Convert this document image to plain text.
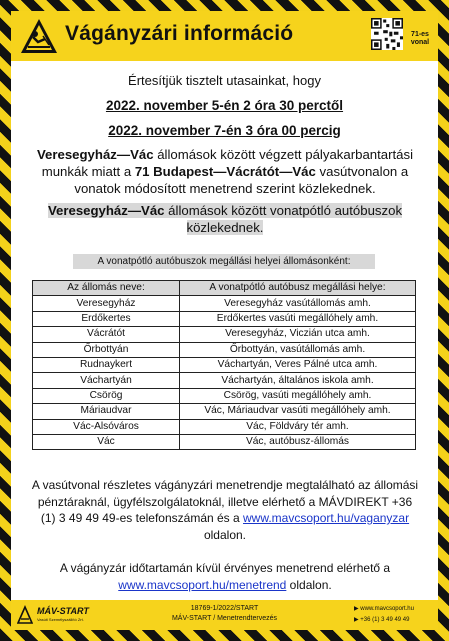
Vágányzári információ	71-es vonal
Értesítjük tisztelt utasainkat, hogy
2022. november 5-én 2 óra 30 perctől
2022. november 7-én 3 óra 00 percig
Veresegyház—Vác állomások között végzett pályakarbantartási munkák miatt a 71 Budapest—Vácrátót—Vác vasútvonalon a vonatok módosított menetrend szerint közlekednek.
Veresegyház—Vác állomások között vonatpótló autóbuszok közlekednek.
A vonatpótló autóbuszok megállási helyei állomásonként:
Az állomás neve:	A vonatpótló autóbusz megállási helye:
Veresegyház	Veresegyház vasútállomás amh.
Erdőkertes	Erdőkertes vasúti megállóhely amh.
Vácrátót	Veresegyház, Viczián utca amh.
Őrbottyán	Őrbottyán, vasútállomás amh.
Rudnaykert	Váchartyán, Veres Pálné utca amh.
Váchartyán	Váchartyán, általános iskola amh.
Csörög	Csörög, vasúti megállóhely amh.
Máriaudvar	Vác, Máriaudvar vasúti megállóhely amh.
Vác-Alsóváros	Vác, Földváry tér amh.
Vác	Vác, autóbusz-állomás
A vasútvonal részletes vágányzári menetrendje megtalálható az állomási pénztáraknál, ügyfélszolgálatoknál, illetve elérhető a MÁVDIREKT +36 (1) 3 49 49 49-es telefonszámán és a www.mavcsoport.hu/vaganyzar oldalon.
A vágányzár időtartamán kívül érvényes menetrend elérhető a www.mavcsoport.hu/menetrend oldalon.
MÁV-START
Vasúti Személyszállító Zrt.
18769-1/2022/START
MÁV-START / Menetrendtervezés
▶ www.mavcsoport.hu
▶ +36 (1) 3 49 49 49
